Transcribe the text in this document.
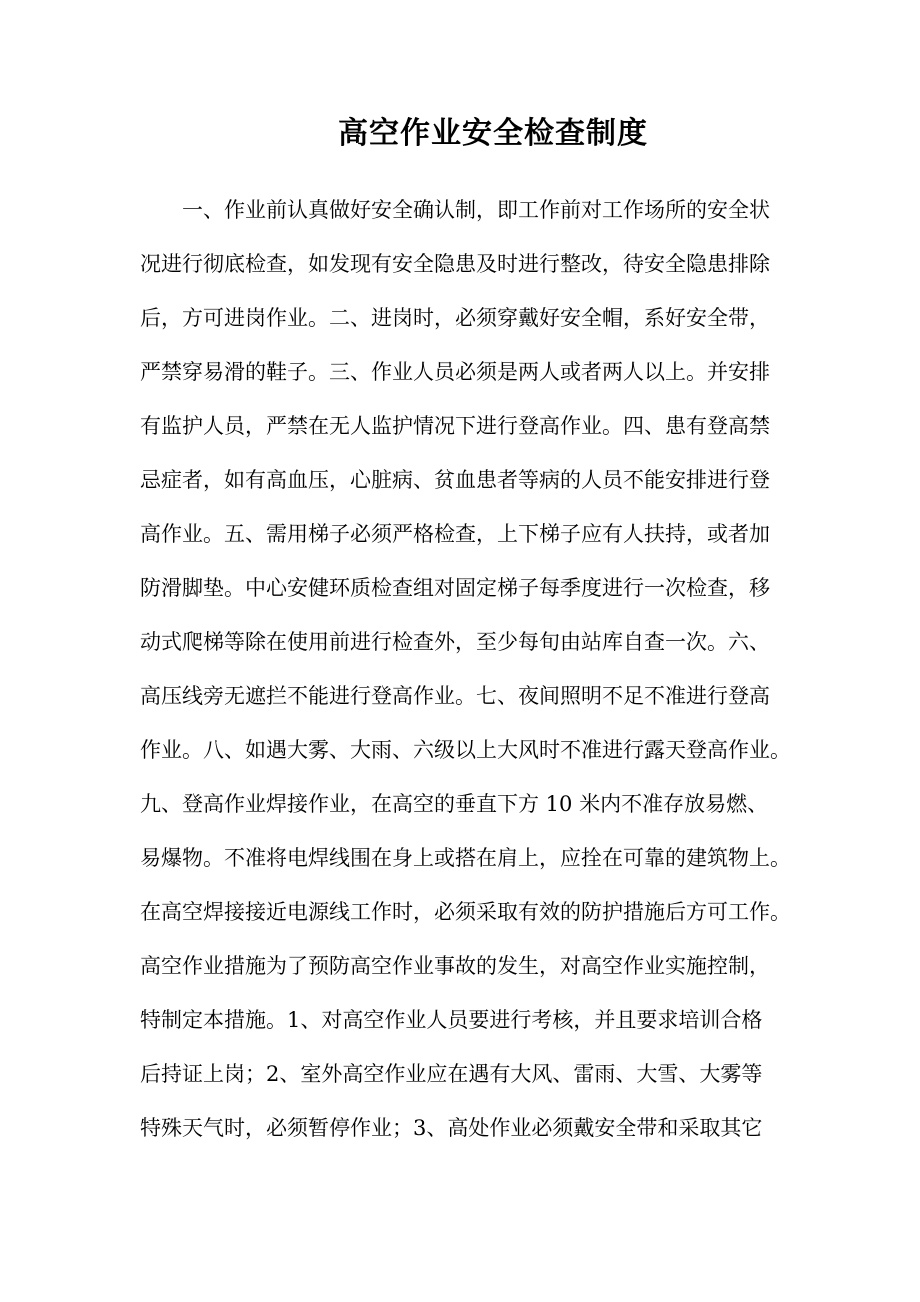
高空作业安全检查制度
一、作业前认真做好安全确认制，即工作前对工作场所的安全状
况进行彻底检查，如发现有安全隐患及时进行整改，待安全隐患排除
后，方可进岗作业。二、进岗时，必须穿戴好安全帽，系好安全带，
严禁穿易滑的鞋子。三、作业人员必须是两人或者两人以上。并安排
有监护人员，严禁在无人监护情况下进行登高作业。四、患有登高禁
忌症者，如有高血压，心脏病、贫血患者等病的人员不能安排进行登
高作业。五、需用梯子必须严格检查，上下梯子应有人扶持，或者加
防滑脚垫。中心安健环质检查组对固定梯子每季度进行一次检查，移
动式爬梯等除在使用前进行检查外，至少每旬由站库自查一次。六、
高压线旁无遮拦不能进行登高作业。七、夜间照明不足不准进行登高
作业。八、如遇大雾、大雨、六级以上大风时不准进行露天登高作业。
九、登高作业焊接作业，在高空的垂直下方 10 米内不准存放易燃、
易爆物。不准将电焊线围在身上或搭在肩上，应拴在可靠的建筑物上。
在高空焊接接近电源线工作时，必须采取有效的防护措施后方可工作。
高空作业措施为了预防高空作业事故的发生，对高空作业实施控制，
特制定本措施。1、对高空作业人员要进行考核，并且要求培训合格
后持证上岗；2、室外高空作业应在遇有大风、雷雨、大雪、大雾等
特殊天气时，必须暂停作业；3、高处作业必须戴安全带和采取其它
